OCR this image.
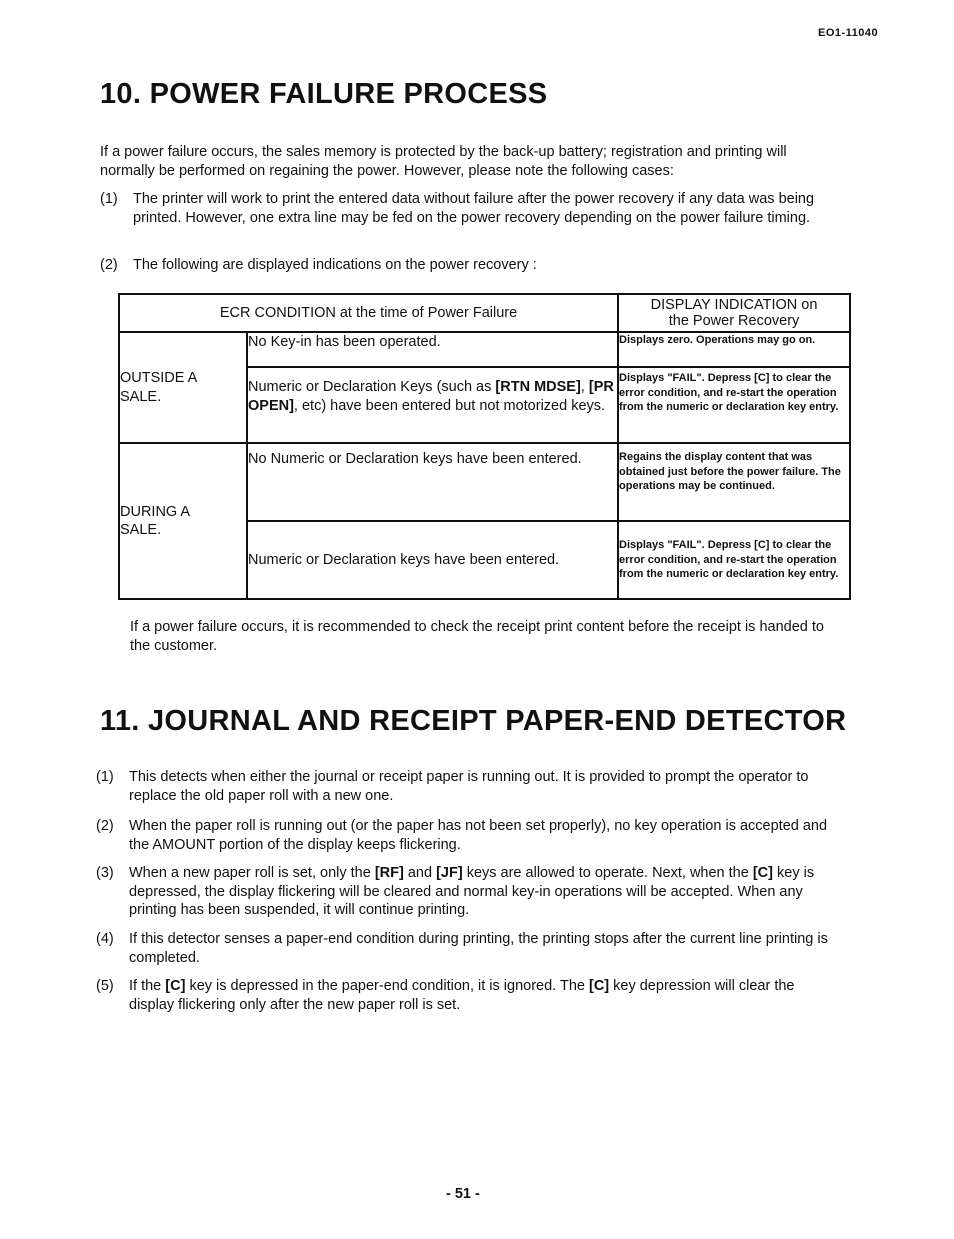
EO1-11040
10. POWER FAILURE PROCESS

If a power failure occurs, the sales memory is protected by the back-up battery; registration and printing will normally be performed on regaining the power. However, please note the following cases:

(1) The printer will work to print the entered data without failure after the power recovery if any data was being printed. However, one extra line may be fed on the power recovery depending on the power failure timing.
(2) The following are displayed indications on the power recovery :
ECR CONDITION at the time of Power Failure		DISPLAY INDICATION on
the Power Recovery
OUTSIDE A
SALE.	No Key-in has been operated.	Displays zero. Operations may go on.
	Numeric or Declaration Keys (such as [RTN MDSE], [PR OPEN], etc) have been entered but not motorized keys.	Displays "FAIL". Depress [C] to clear the error condition, and re-start the operation from the numeric or declaration key entry.
DURING A
SALE.	No Numeric or Declaration keys have been entered.	Regains the display content that was obtained just before the power failure. The operations may be continued.
	Numeric or Declaration keys have been entered.	Displays "FAIL". Depress [C] to clear the error condition, and re-start the operation from the numeric or declaration key entry.

If a power failure occurs, it is recommended to check the receipt print content before the receipt is handed to the customer.

11. JOURNAL AND RECEIPT PAPER-END DETECTOR
(1) This detects when either the journal or receipt paper is running out. It is provided to prompt the operator to replace the old paper roll with a new one.
(2) When the paper roll is running out (or the paper has not been set properly), no key operation is accepted and the AMOUNT portion of the display keeps flickering.
(3) When a new paper roll is set, only the [RF] and [JF] keys are allowed to operate. Next, when the [C] key is depressed, the display flickering will be cleared and normal key-in operations will be accepted. When any printing has been suspended, it will continue printing.
(4) If this detector senses a paper-end condition during printing, the printing stops after the current line printing is completed.
(5) If the [C] key is depressed in the paper-end condition, it is ignored. The [C] key depression will clear the display flickering only after the new paper roll is set.
- 51 -
